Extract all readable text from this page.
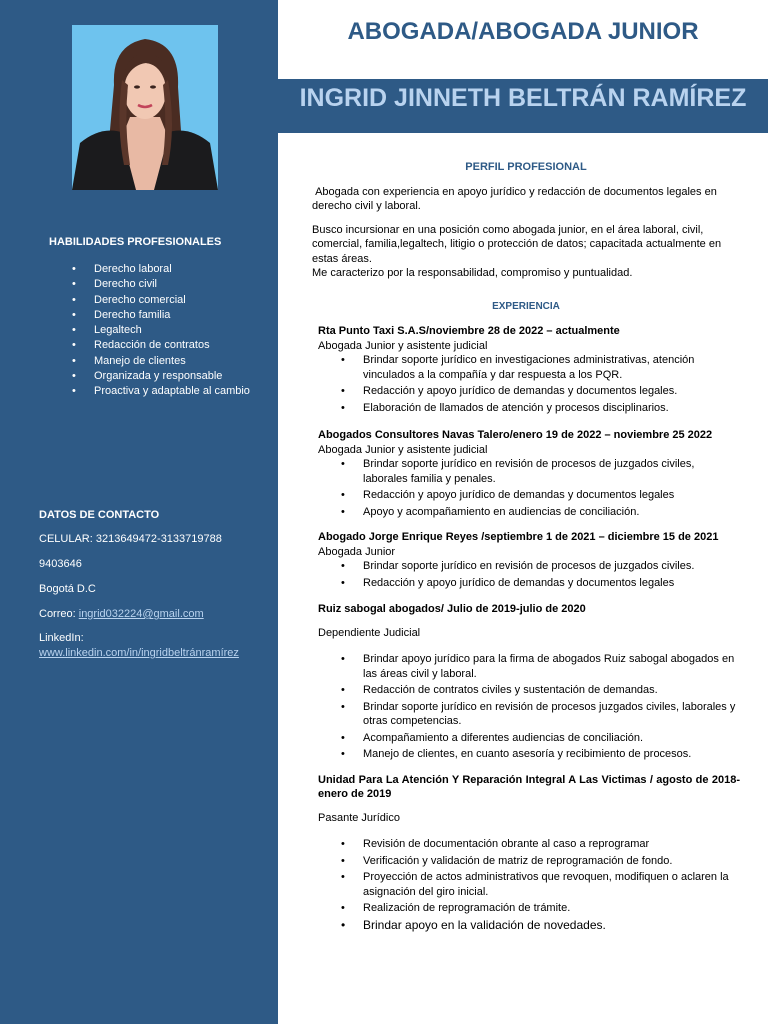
HABILIDADES PROFESIONALES
• Derecho laboral
• Derecho civil
• Derecho comercial
• Derecho familia
• Legaltech
• Redacción de contratos
• Manejo de clientes
• Organizada y responsable
• Proactiva y adaptable al cambio
DATOS DE CONTACTO
CELULAR: 3213649472-3133719788
9403646
Bogotá D.C
Correo: ingrid032224@gmail.com
LinkedIn:
www.linkedin.com/in/ingridbeltránramírez
ABOGADA/ABOGADA JUNIOR
INGRID JINNETH BELTRÁN RAMÍREZ
PERFIL PROFESIONAL

Abogada con experiencia en apoyo jurídico y redacción de documentos legales en derecho civil y laboral.

Busco incursionar en una posición como abogada junior, en el área laboral, civil, comercial, familia,legaltech, litigio o protección de datos; capacitada actualmente en estas áreas.

Me caracterizo por la responsabilidad, compromiso y puntualidad.

EXPERIENCIA

Rta Punto Taxi S.A.S/noviembre 28 de 2022 – actualmente

Abogada Junior y asistente judicial

• Brindar soporte jurídico en investigaciones administrativas, atención vinculados a la compañía y dar respuesta a los PQR.
• Redacción y apoyo jurídico de demandas y documentos legales.
• Elaboración de llamados de atención y procesos disciplinarios.

Abogados Consultores Navas Talero/enero 19 de 2022 – noviembre 25 2022

Abogada Junior y asistente judicial

• Brindar soporte jurídico en revisión de procesos de juzgados civiles, laborales familia y penales.
• Redacción y apoyo jurídico de demandas y documentos legales
• Apoyo y acompañamiento en audiencias de conciliación.

Abogado Jorge Enrique Reyes /septiembre 1 de 2021 – diciembre 15 de 2021

Abogada Junior

• Brindar soporte jurídico en revisión de procesos de juzgados civiles.
• Redacción y apoyo jurídico de demandas y documentos legales

Ruiz sabogal abogados/ Julio de 2019-julio de 2020

Dependiente Judicial

• Brindar apoyo jurídico para la firma de abogados Ruiz sabogal abogados en las áreas civil y laboral.
• Redacción de contratos civiles y sustentación de demandas.
• Brindar soporte jurídico en revisión de procesos juzgados civiles, laborales y otras competencias.
• Acompañamiento a diferentes audiencias de conciliación.
• Manejo de clientes, en cuanto asesoría y recibimiento de procesos.

Unidad Para La Atención Y Reparación Integral A Las Victimas / agosto de 2018- enero de 2019

Pasante Jurídico

• Revisión de documentación obrante al caso a reprogramar
• Verificación y validación de matriz de reprogramación de fondo.
• Proyección de actos administrativos que revoquen, modifiquen o aclaren la asignación del giro inicial.
• Realización de reprogramación de trámite.
• Brindar apoyo en la validación de novedades.
